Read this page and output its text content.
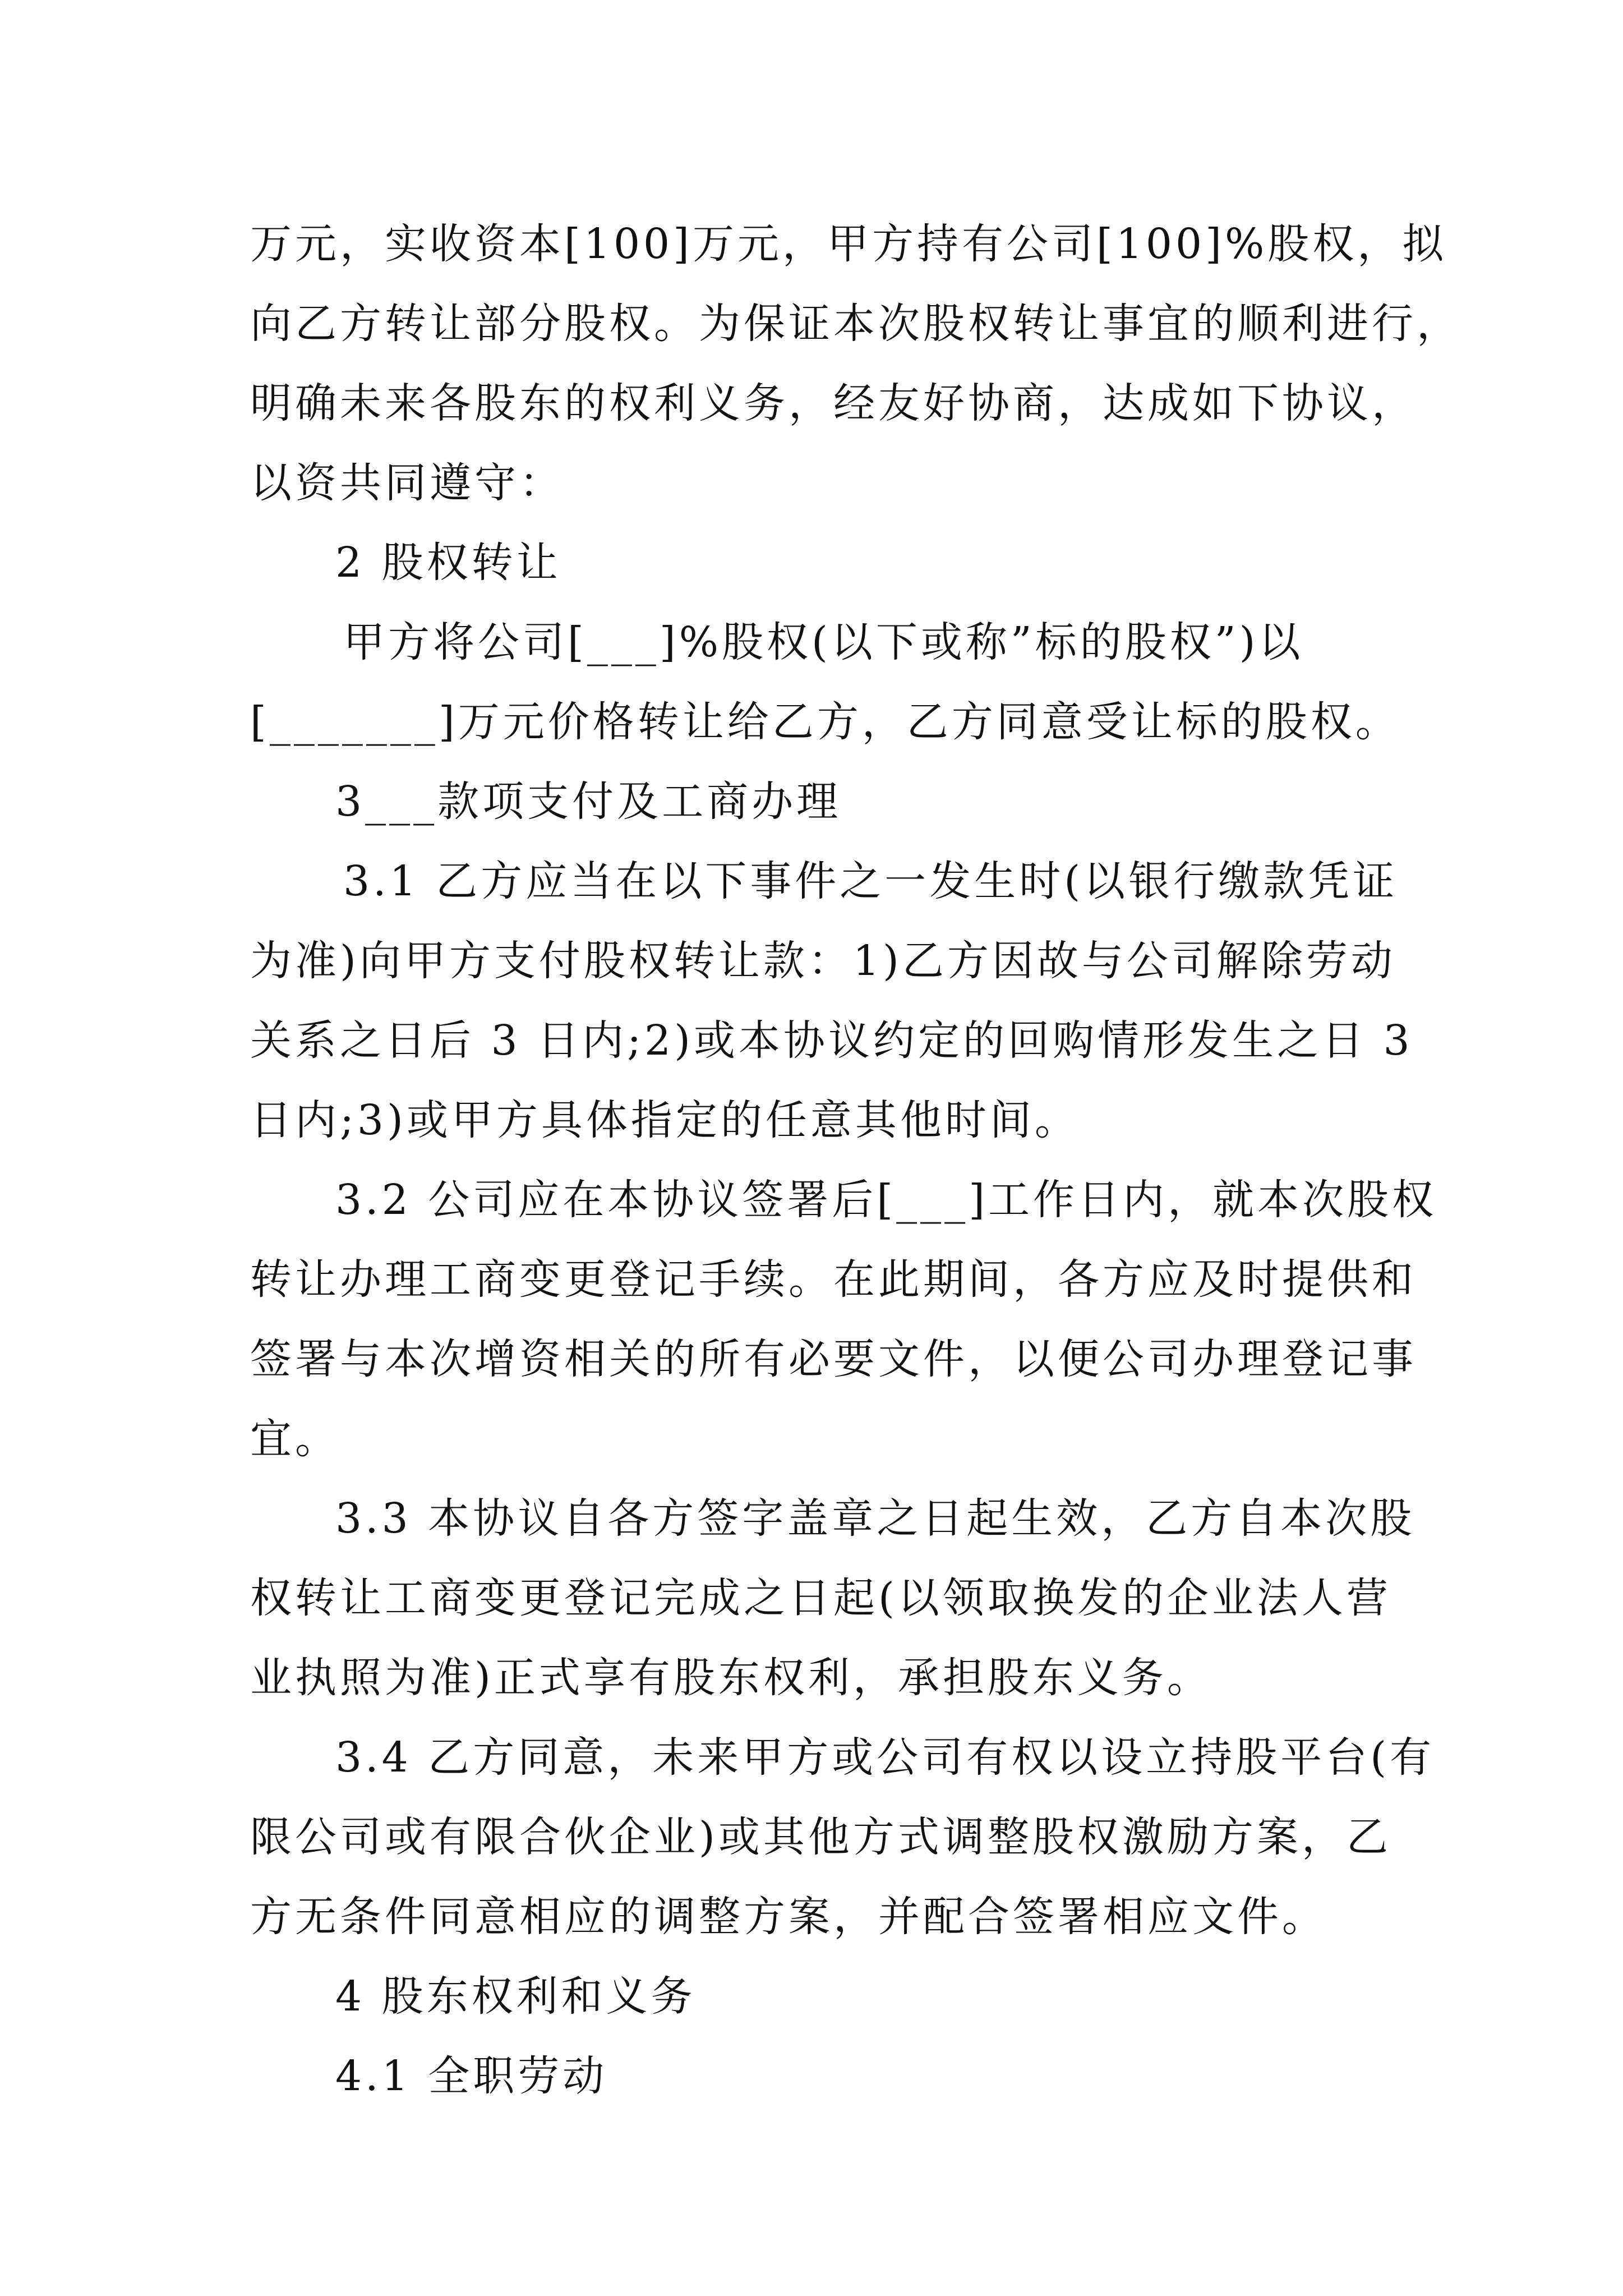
万元，实收资本[100]万元，甲方持有公司[100]%股权，拟
向乙方转让部分股权。为保证本次股权转让事宜的顺利进行，
明确未来各股东的权利义务，经友好协商，达成如下协议，
以资共同遵守：
2 股权转让
甲方将公司[___]%股权(以下或称”标的股权”)以
[_______]万元价格转让给乙方，乙方同意受让标的股权。
3___款项支付及工商办理
3.1 乙方应当在以下事件之一发生时(以银行缴款凭证
为准)向甲方支付股权转让款：1)乙方因故与公司解除劳动
关系之日后 3 日内;2)或本协议约定的回购情形发生之日 3
日内;3)或甲方具体指定的任意其他时间。
3.2 公司应在本协议签署后[___]工作日内，就本次股权
转让办理工商变更登记手续。在此期间，各方应及时提供和
签署与本次增资相关的所有必要文件，以便公司办理登记事
宜。
3.3 本协议自各方签字盖章之日起生效，乙方自本次股
权转让工商变更登记完成之日起(以领取换发的企业法人营
业执照为准)正式享有股东权利，承担股东义务。
3.4 乙方同意，未来甲方或公司有权以设立持股平台(有
限公司或有限合伙企业)或其他方式调整股权激励方案，乙
方无条件同意相应的调整方案，并配合签署相应文件。
4 股东权利和义务
4.1 全职劳动
